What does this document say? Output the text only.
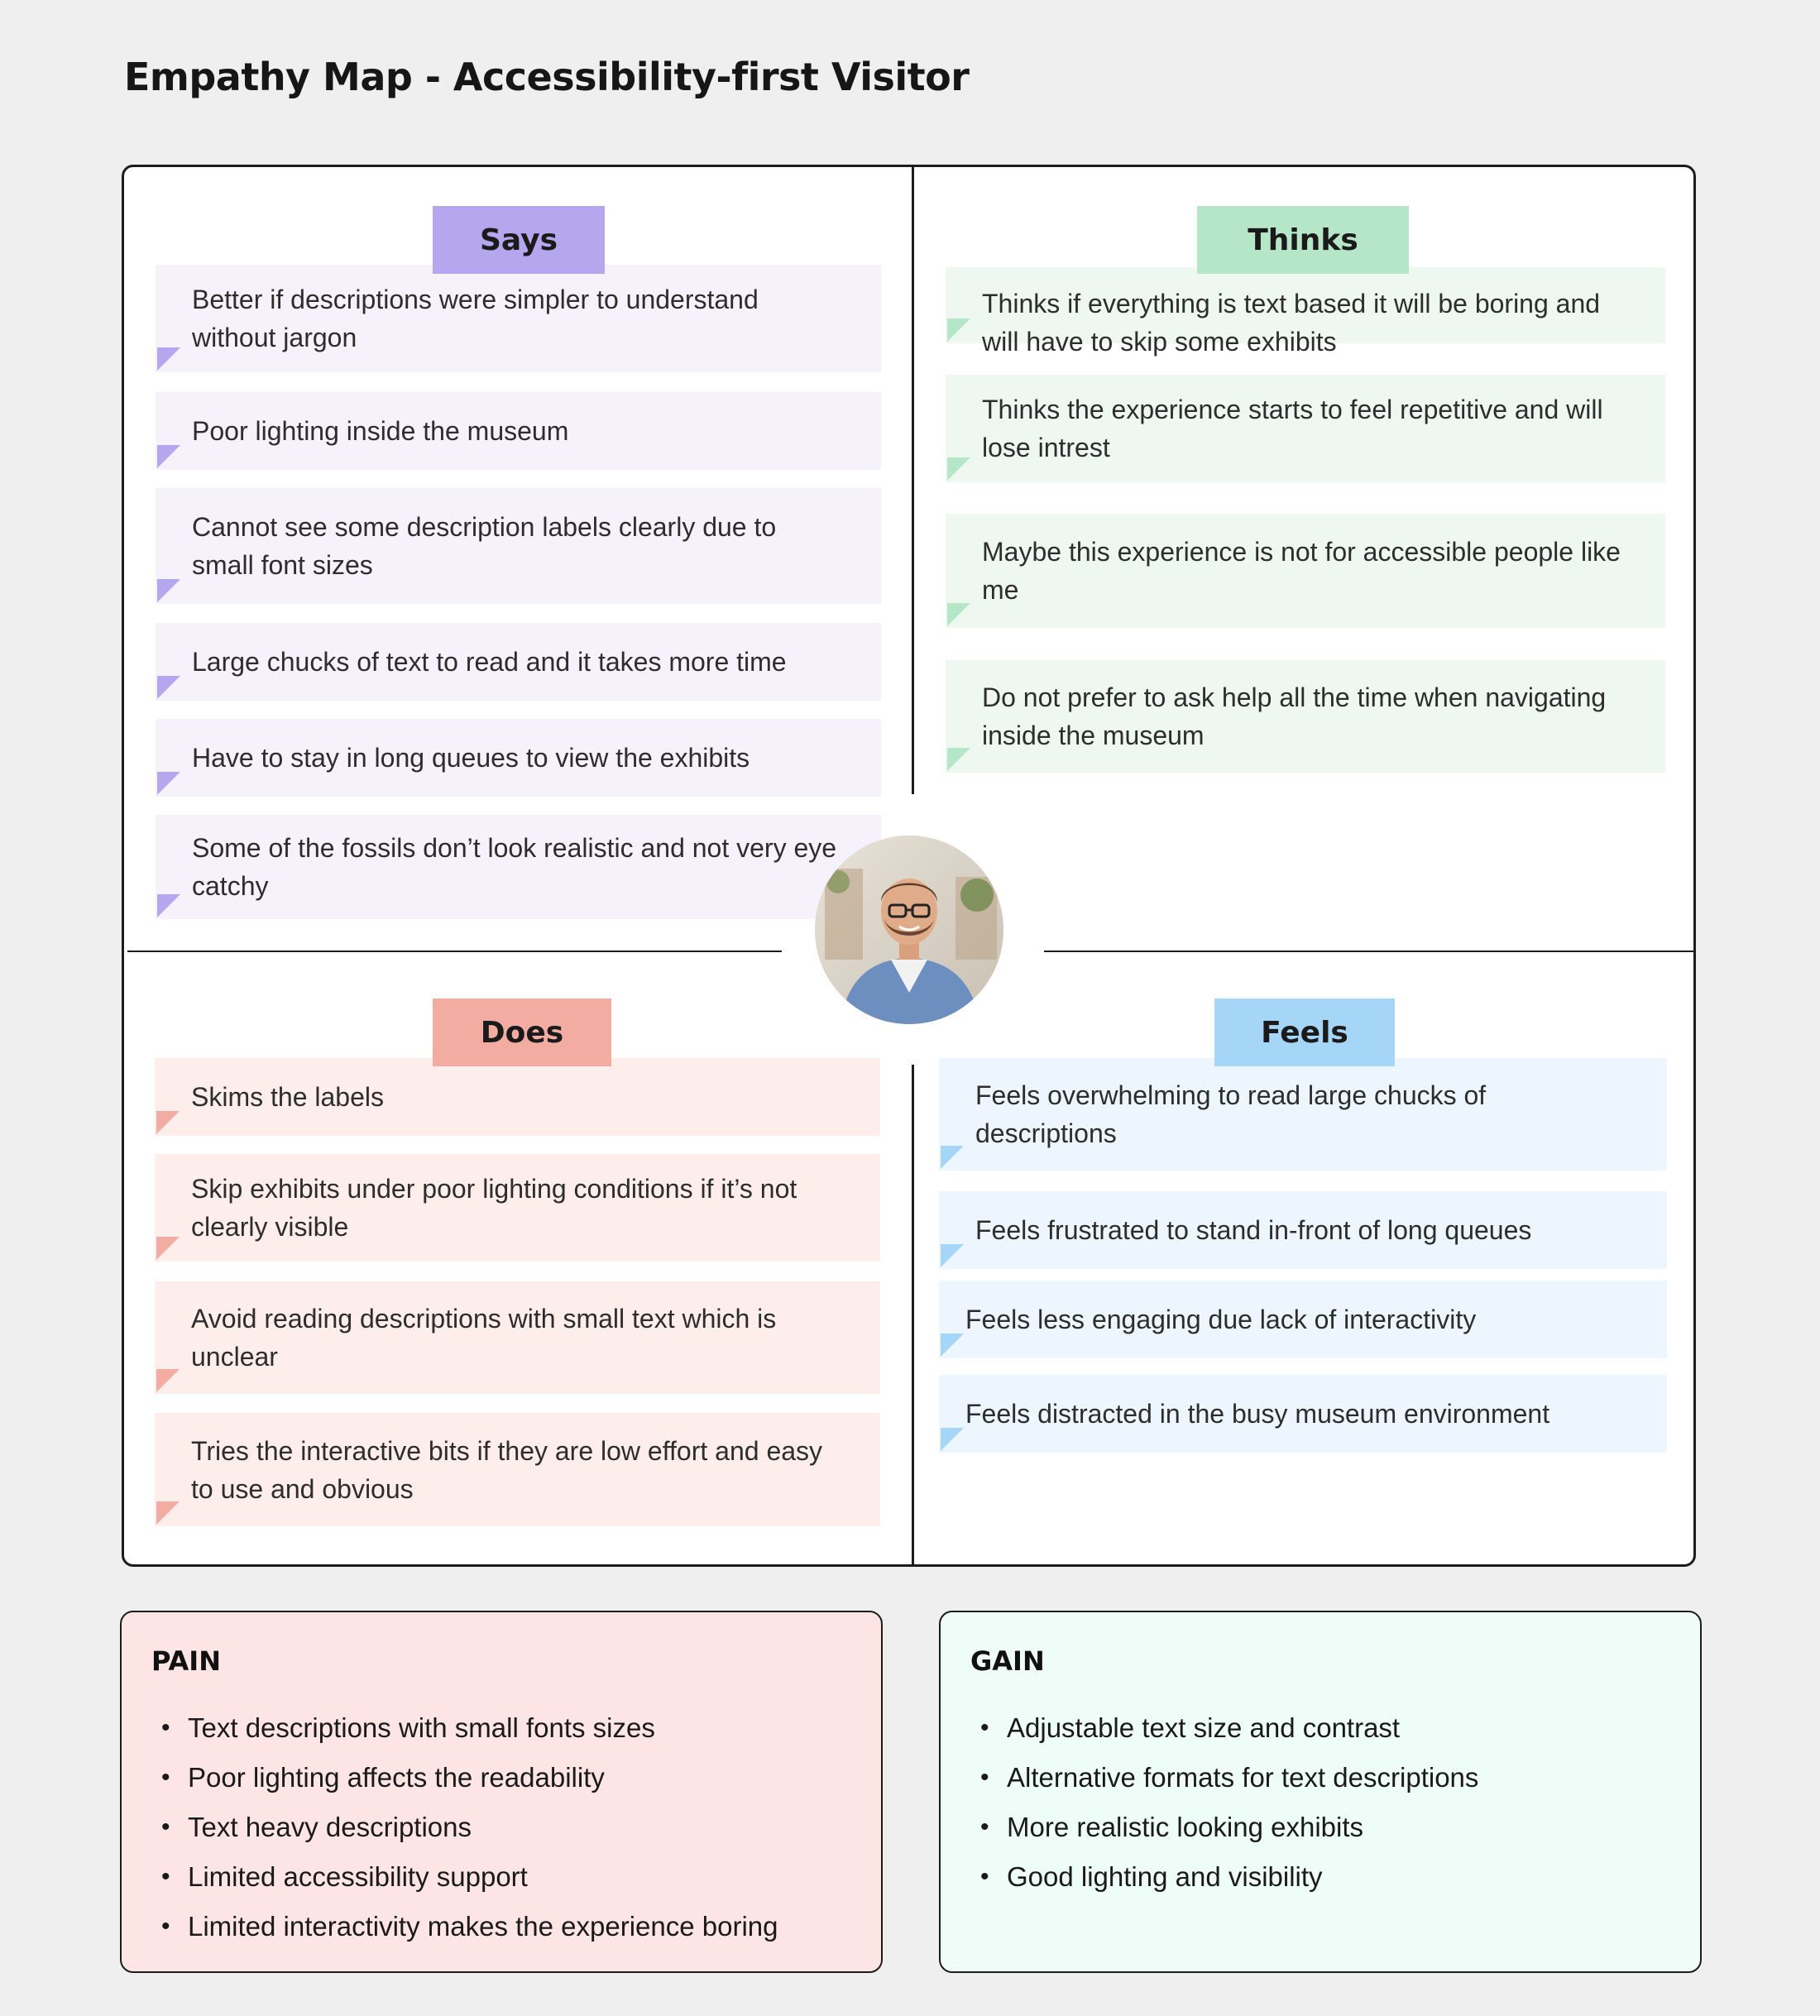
Empathy Map - Accessibility-first Visitor
Says
Better if descriptions were simpler to understand without jargon
Poor lighting inside the museum
Cannot see some description labels clearly due to small font sizes
Large chucks of text to read and it takes more time
Have to stay in long queues to view the exhibits
Some of the fossils don’t look realistic and not very eye catchy
Thinks
Thinks if everything is text based it will be boring and will have to skip some exhibits
Thinks the experience starts to feel repetitive and will lose intrest
Maybe this experience is not for accessible people like me
Do not prefer to ask help all the time when navigating inside the museum
Does
Skims the labels
Skip exhibits under poor lighting conditions if it’s not clearly visible
Avoid reading descriptions with small text which is unclear
Tries the interactive bits if they are low effort and easy to use and obvious
Feels
Feels overwhelming to read large chucks of descriptions
Feels frustrated to stand in-front of long queues
Feels less engaging due lack of interactivity
Feels distracted in the busy museum environment
PAIN
• Text descriptions with small fonts sizes
• Poor lighting affects the readability
• Text heavy descriptions
• Limited accessibility support
• Limited interactivity makes the experience boring
GAIN
• Adjustable text size and contrast
• Alternative formats for text descriptions
• More realistic looking exhibits
• Good lighting and visibility
